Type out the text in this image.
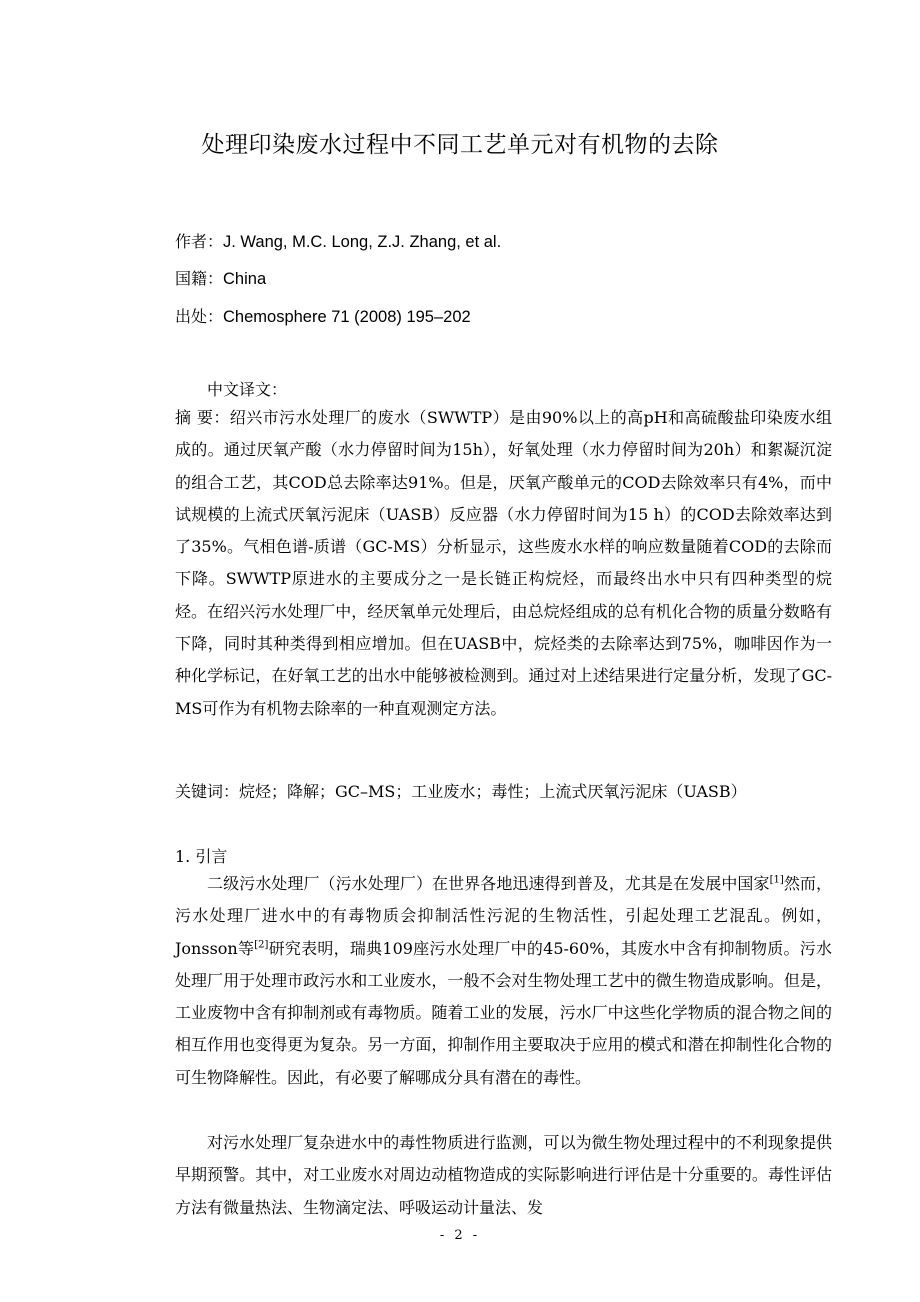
处理印染废水过程中不同工艺单元对有机物的去除
作者：J. Wang, M.C. Long, Z.J. Zhang, et al.
国籍：China
出处：Chemosphere 71 (2008) 195–202
中文译文：

摘 要：绍兴市污水处理厂的废水（SWWTP）是由90%以上的高pH和高硫酸盐印染废水组成的。通过厌氧产酸（水力停留时间为15h），好氧处理（水力停留时间为20h）和絮凝沉淀的组合工艺，其COD总去除率达91%。但是，厌氧产酸单元的COD去除效率只有4%，而中试规模的上流式厌氧污泥床（UASB）反应器（水力停留时间为15 h）的COD去除效率达到了35%。气相色谱-质谱（GC-MS）分析显示，这些废水水样的响应数量随着COD的去除而下降。SWWTP原进水的主要成分之一是长链正构烷烃，而最终出水中只有四种类型的烷烃。在绍兴污水处理厂中，经厌氧单元处理后，由总烷烃组成的总有机化合物的质量分数略有下降，同时其种类得到相应增加。但在UASB中，烷烃类的去除率达到75%，咖啡因作为一种化学标记，在好氧工艺的出水中能够被检测到。通过对上述结果进行定量分析，发现了GC-MS可作为有机物去除率的一种直观测定方法。

关键词：烷烃；降解；GC–MS；工业废水；毒性；上流式厌氧污泥床（UASB）
1. 引言

二级污水处理厂（污水处理厂）在世界各地迅速得到普及，尤其是在发展中国家[1]然而，污水处理厂进水中的有毒物质会抑制活性污泥的生物活性，引起处理工艺混乱。例如，Jonsson等[2]研究表明，瑞典109座污水处理厂中的45-60%，其废水中含有抑制物质。污水处理厂用于处理市政污水和工业废水，一般不会对生物处理工艺中的微生物造成影响。但是，工业废物中含有抑制剂或有毒物质。随着工业的发展，污水厂中这些化学物质的混合物之间的相互作用也变得更为复杂。另一方面，抑制作用主要取决于应用的模式和潜在抑制性化合物的可生物降解性。因此，有必要了解哪成分具有潜在的毒性。

对污水处理厂复杂进水中的毒性物质进行监测，可以为微生物处理过程中的不利现象提供早期预警。其中，对工业废水对周边动植物造成的实际影响进行评估是十分重要的。毒性评估方法有微量热法、生物滴定法、呼吸运动计量法、发

- 2 -
